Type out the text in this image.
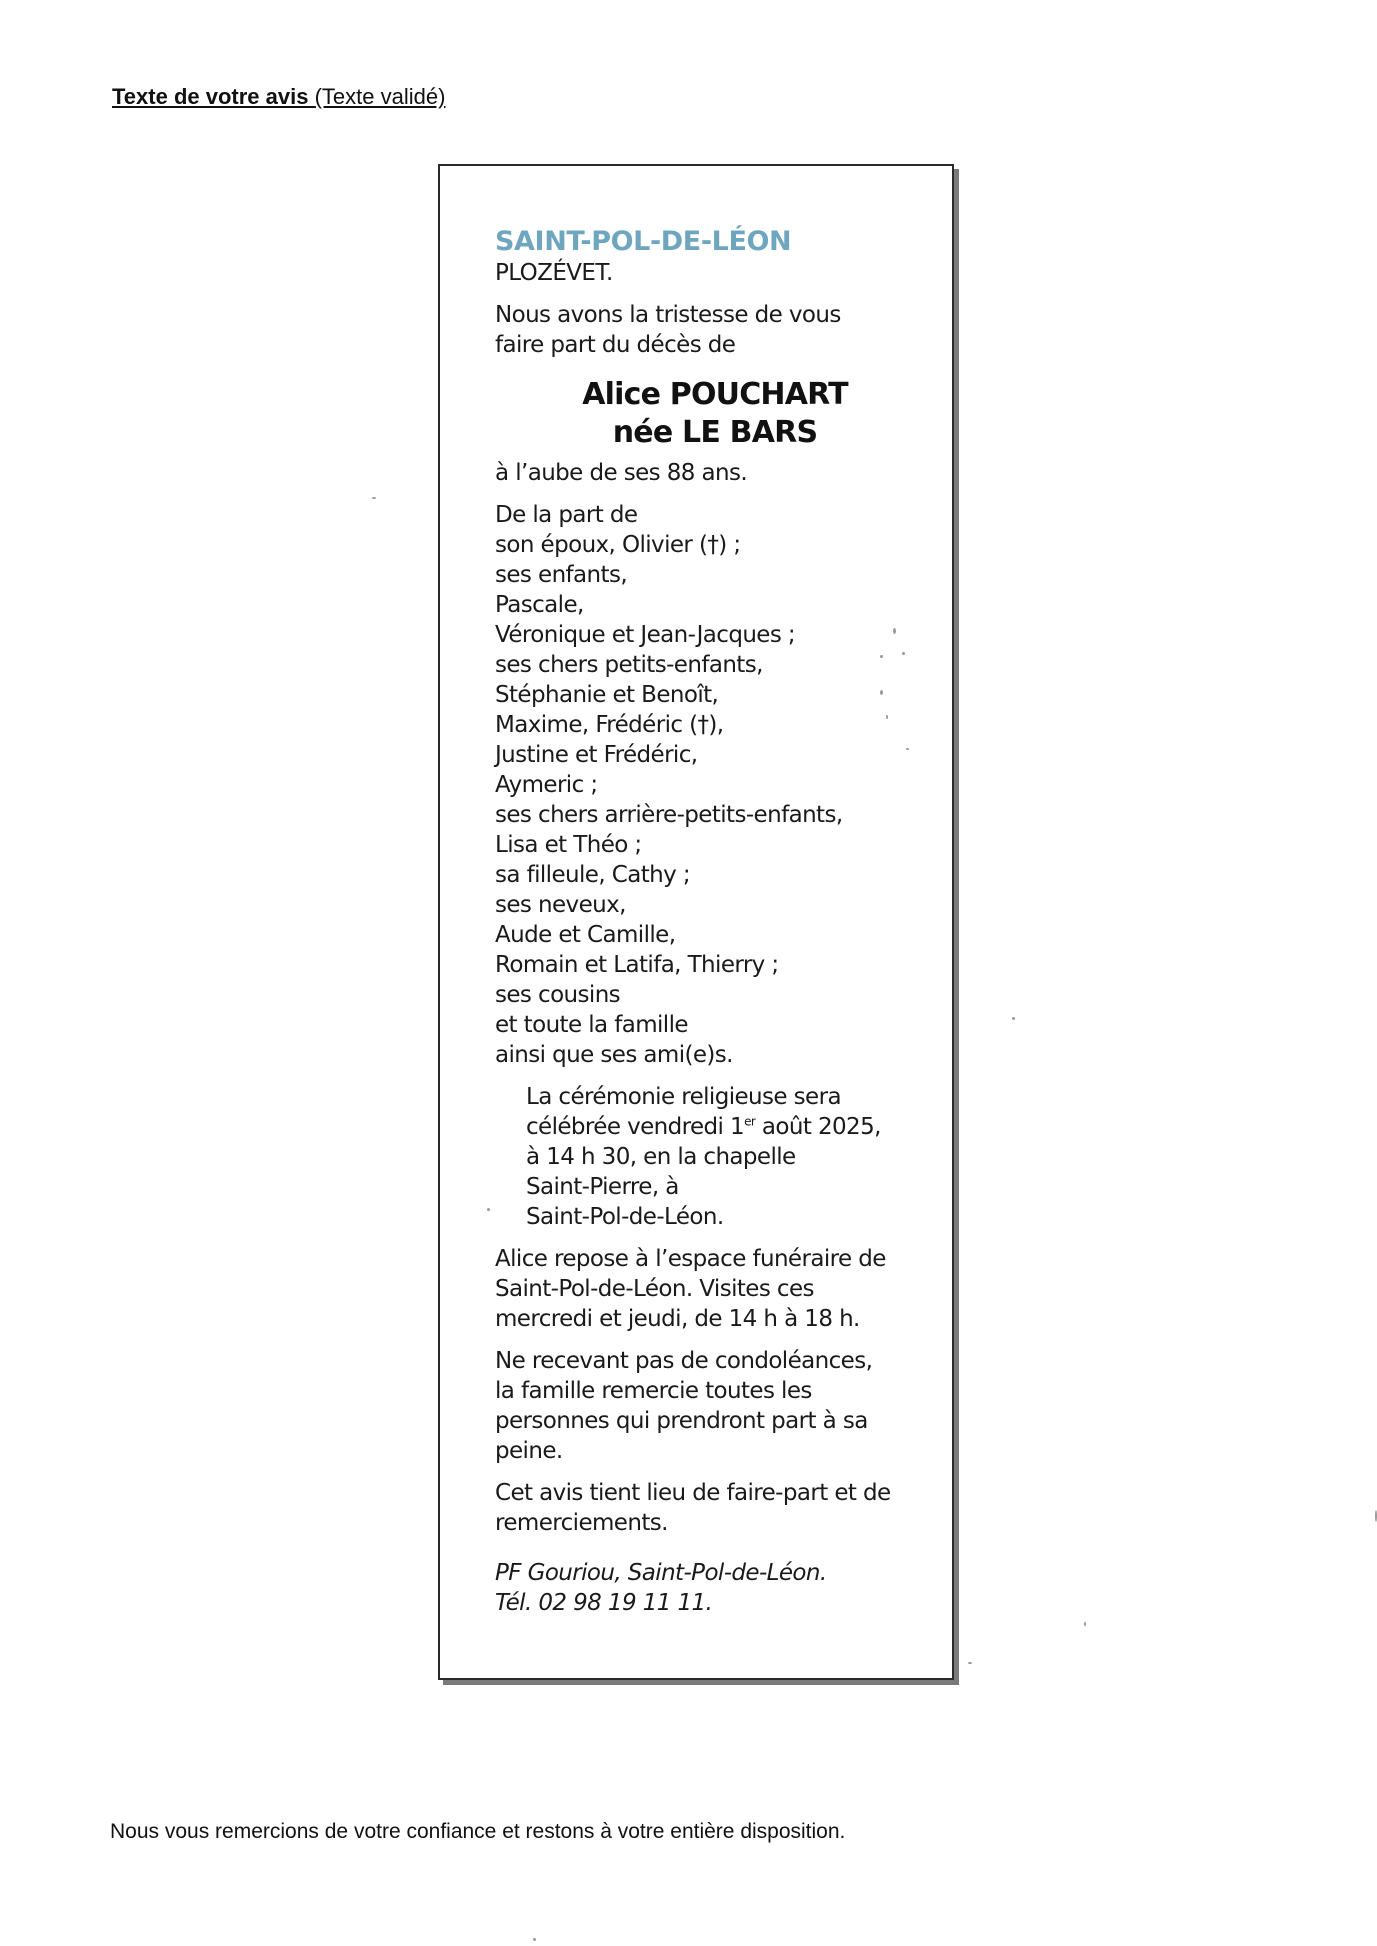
Texte de votre avis (Texte validé)
SAINT-POL-DE-LÉON
PLOZÉVET.
Nous avons la tristesse de vous
faire part du décès de
Alice POUCHART
née LE BARS
à l’aube de ses 88 ans.
De la part de
son époux, Olivier (†) ;
ses enfants,
Pascale,
Véronique et Jean-Jacques ;
ses chers petits-enfants,
Stéphanie et Benoît,
Maxime, Frédéric (†),
Justine et Frédéric,
Aymeric ;
ses chers arrière-petits-enfants,
Lisa et Théo ;
sa filleule, Cathy ;
ses neveux,
Aude et Camille,
Romain et Latifa, Thierry ;
ses cousins
et toute la famille
ainsi que ses ami(e)s.
La cérémonie religieuse sera
célébrée vendredi 1er août 2025,
à 14 h 30, en la chapelle
Saint-Pierre, à
Saint-Pol-de-Léon.
Alice repose à l’espace funéraire de
Saint-Pol-de-Léon. Visites ces
mercredi et jeudi, de 14 h à 18 h.
Ne recevant pas de condoléances,
la famille remercie toutes les
personnes qui prendront part à sa
peine.
Cet avis tient lieu de faire-part et de
remerciements.
PF Gouriou, Saint-Pol-de-Léon.
Tél. 02 98 19 11 11.
Nous vous remercions de votre confiance et restons à votre entière disposition.
